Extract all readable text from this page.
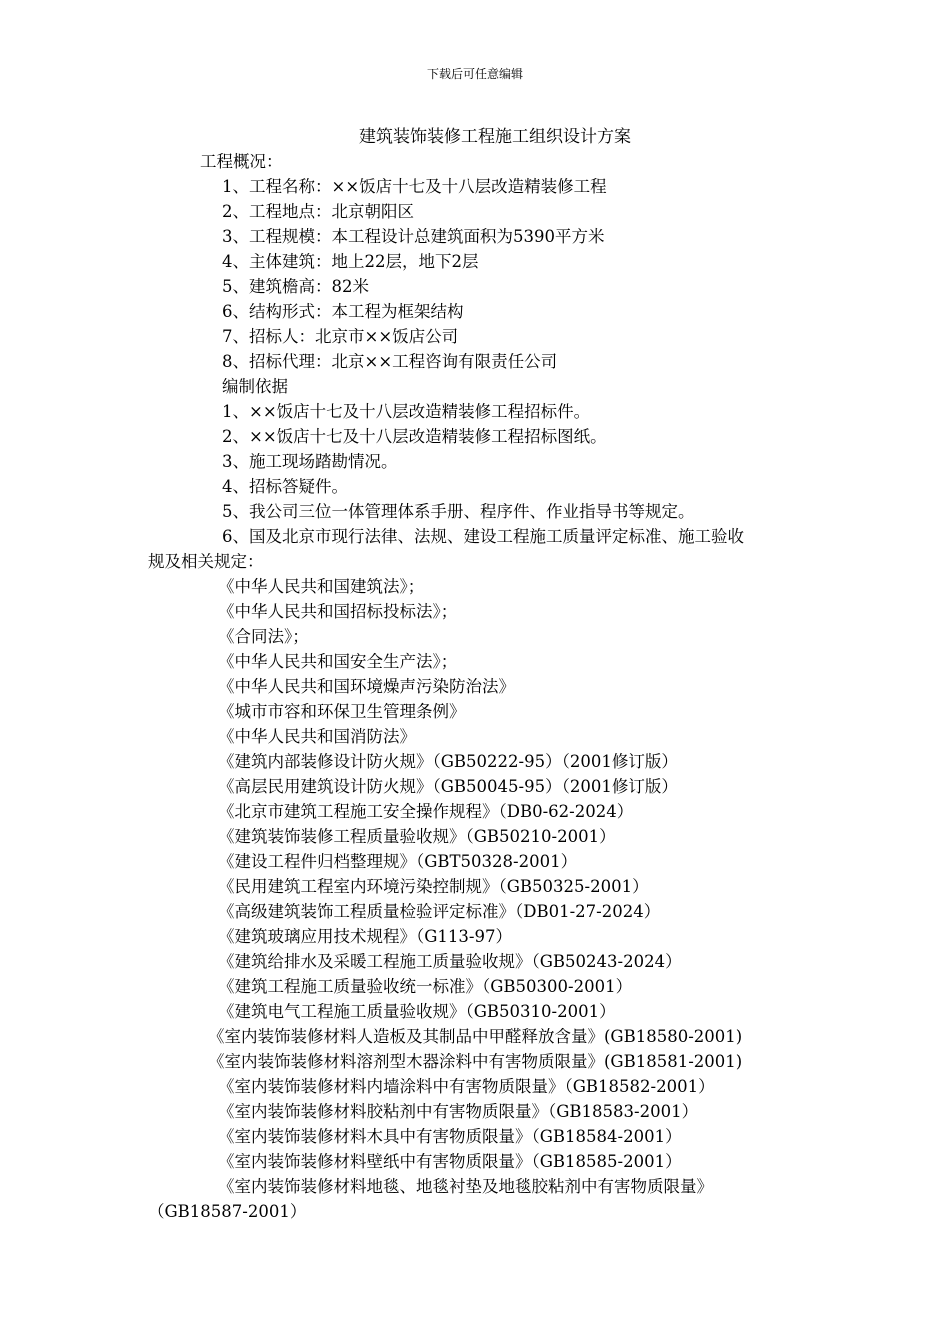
下载后可任意编辑
建筑装饰装修工程施工组织设计方案
工程概况：
1、工程名称：××饭店十七及十八层改造精装修工程
2、工程地点：北京朝阳区
3、工程规模：本工程设计总建筑面积为5390平方米
4、主体建筑：地上22层，地下2层
5、建筑檐高：82米
6、结构形式：本工程为框架结构
7、招标人：北京市××饭店公司
8、招标代理：北京××工程咨询有限责任公司
编制依据
1、××饭店十七及十八层改造精装修工程招标件。
2、××饭店十七及十八层改造精装修工程招标图纸。
3、施工现场踏勘情况。
4、招标答疑件。
5、我公司三位一体管理体系手册、程序件、作业指导书等规定。
6、国及北京市现行法律、法规、建设工程施工质量评定标准、施工验收
规及相关规定：
《中华人民共和国建筑法》；
《中华人民共和国招标投标法》；
《合同法》；
《中华人民共和国安全生产法》；
《中华人民共和国环境燥声污染防治法》
《城市市容和环保卫生管理条例》
《中华人民共和国消防法》
《建筑内部装修设计防火规》（GB50222-95）（2001修订版）
《高层民用建筑设计防火规》（GB50045-95）（2001修订版）
《北京市建筑工程施工安全操作规程》（DB0-62-2024）
《建筑装饰装修工程质量验收规》（GB50210-2001）
《建设工程件归档整理规》（GBT50328-2001）
《民用建筑工程室内环境污染控制规》（GB50325-2001）
《高级建筑装饰工程质量检验评定标准》（DB01-27-2024）
《建筑玻璃应用技术规程》（G113-97）
《建筑给排水及采暖工程施工质量验收规》（GB50243-2024）
《建筑工程施工质量验收统一标准》（GB50300-2001）
《建筑电气工程施工质量验收规》（GB50310-2001）
《室内装饰装修材料人造板及其制品中甲醛释放含量》(GB18580-2001)
《室内装饰装修材料溶剂型木器涂料中有害物质限量》(GB18581-2001)
《室内装饰装修材料内墙涂料中有害物质限量》（GB18582-2001）
《室内装饰装修材料胶粘剂中有害物质限量》（GB18583-2001）
《室内装饰装修材料木具中有害物质限量》（GB18584-2001）
《室内装饰装修材料壁纸中有害物质限量》（GB18585-2001）
《室内装饰装修材料地毯、地毯衬垫及地毯胶粘剂中有害物质限量》
（GB18587-2001）
